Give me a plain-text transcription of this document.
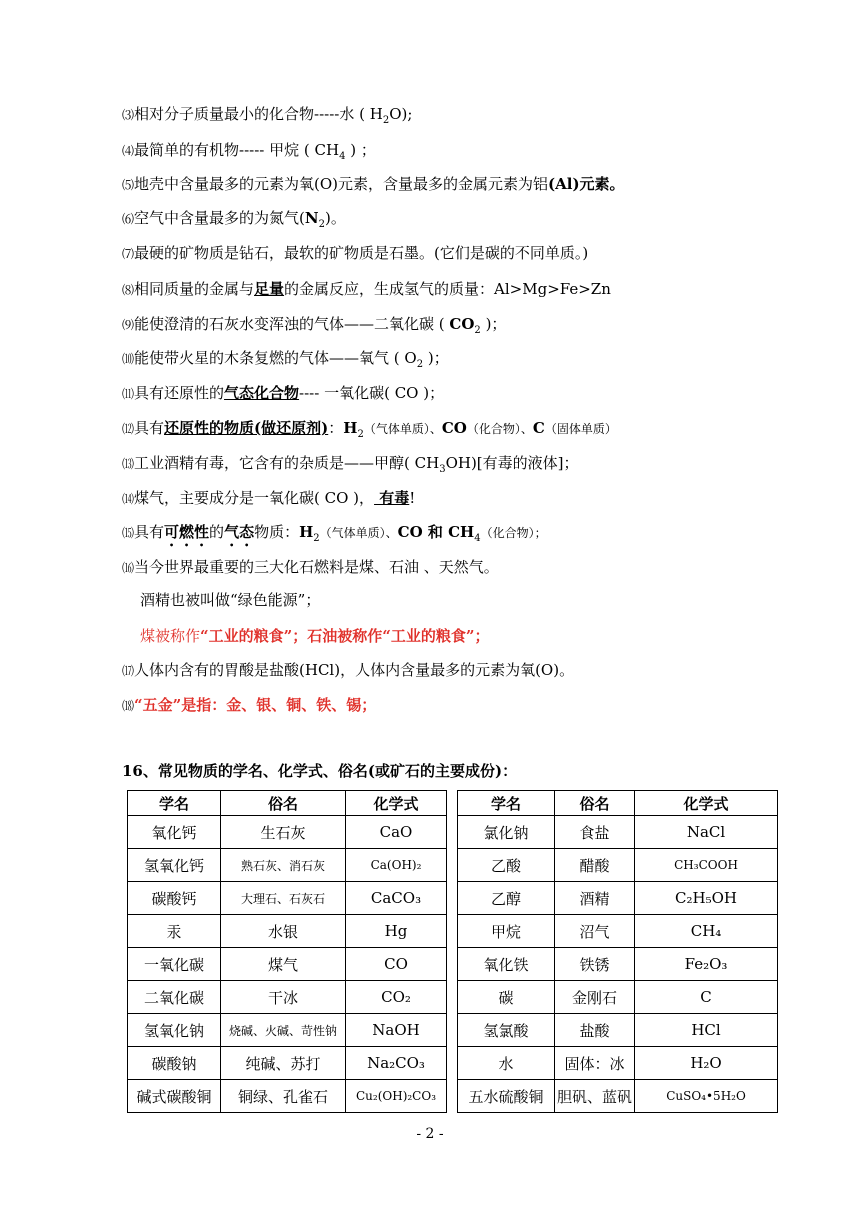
⑶相对分子质量最小的化合物-----水 ( $H_2O$);
⑷最简单的有机物----- 甲烷 ( $CH_4$ ) ；
⑸地壳中含量最多的元素为氧(O)元素，含量最多的金属元素为铝(Al)元素。
⑹空气中含量最多的为氮气$(N_2)$。
⑺最硬的矿物质是钻石，最软的矿物质是石墨。(它们是碳的不同单质。)
⑻相同质量的金属与足量的金属反应，生成氢气的质量：Al>Mg>Fe>Zn
⑼能使澄清的石灰水变浑浊的气体——二氧化碳 ( $CO_2$ )；
⑽能使带火星的木条复燃的气体——氧气 ( $O_2$ )；
⑾具有还原性的气态化合物---- 一氧化碳( CO )；
⑿具有还原性的物质(做还原剂)：$H_2$（气体单质）、CO（化合物）、C（固体单质）
⒀工业酒精有毒，它含有的杂质是——甲醇( $CH_3OH$)[有毒的液体]；
⒁煤气，主要成分是一氧化碳( CO )， 有毒!
⒂具有可燃性的气态物质：$H_2$（气体单质）、CO 和 $CH_4$（化合物）；
⒃当今世界最重要的三大化石燃料是煤、石油 、天然气。
酒精也被叫做“绿色能源”；
煤被称作“工业的粮食”；石油被称作“工业的粮食”；
⒄人体内含有的胃酸是盐酸(HCl)，人体内含量最多的元素为氧(O)。
⒅“五金”是指：金、银、铜、铁、锡；
16、常见物质的学名、化学式、俗名(或矿石的主要成份)：
学名	俗名	化学式
氧化钙	生石灰	CaO
氢氧化钙	熟石灰、消石灰	Ca(OH)₂
碳酸钙	大理石、石灰石	CaCO₃
汞	水银	Hg
一氧化碳	煤气	CO
二氧化碳	干冰	CO₂
氢氧化钠	烧碱、火碱、苛性钠	NaOH
碳酸钠	纯碱、苏打	Na₂CO₃
碱式碳酸铜	铜绿、孔雀石	Cu₂(OH)₂CO₃
学名	俗名	化学式
氯化钠	食盐	NaCl
乙酸	醋酸	CH₃COOH
乙醇	酒精	C₂H₅OH
甲烷	沼气	CH₄
氧化铁	铁锈	Fe₂O₃
碳	金刚石	C
氢氯酸	盐酸	HCl
水	固体：冰	H₂O
五水硫酸铜	胆矾、蓝矾	CuSO₄•5H₂O
- 2 -
